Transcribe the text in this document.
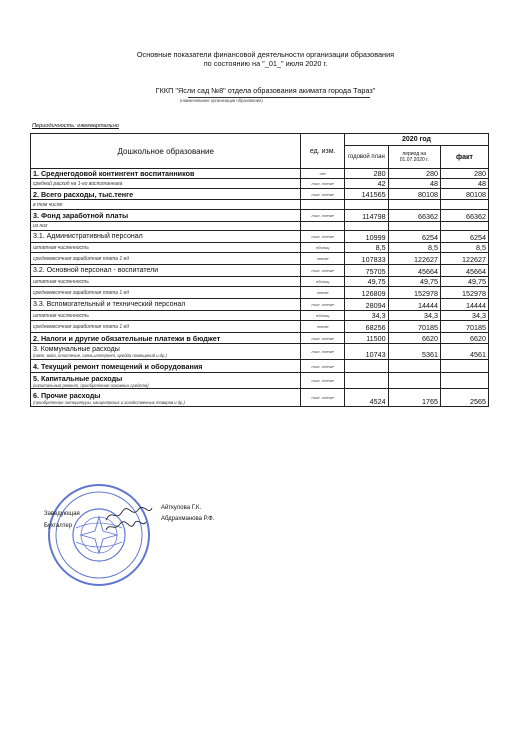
Основные показатели финансовой деятельности организации образования
по состоянию на "_01_" июля 2020 г.
ГККП "Ясли сад №8" отдела образования акимата города Тараз"
(наименование организации образования)
Периодичность: ежеквартально
Дошкольное образование	ед. изм.	2020 год		
		годовой план	период на 01.07.2020 г.	факт

1. Среднегодовой контингент воспитанников	чел	280	280	280

средний расход на 1-го воспитанника	тыс. тенге	42	48	48

2. Всего расходы, тыс.тенге	тыс. тенге	141565	80108	80108

в том числе:				

3. Фонд заработной платы	тыс. тенге	114798	66362	66362

из них				

3.1. Административный персонал	тыс. тенге	10999	6254	6254

штатная численность	единиц	8,5	8,5	8,5

среднемесячная заработная плата 1 ед	тенге	107833	122627	122627

3.2. Основной персонал - воспитатели	тыс. тенге	75705	45664	45664

штатная численность	единиц	49,75	49,75	49,75

среднемесячная заработная плата 1 ед	тенге	126809	152978	152978

3.3. Вспомогательный и технический персонал	тыс. тенге	28094	14444	14444

штатная численность	единиц	34,3	34,3	34,3

среднемесячная заработная плата 1 ед	тенге	68256	70185	70185

2. Налоги и другие обязательные платежи в бюджет	тыс. тенге	11500	6620	6620

3. Коммунальные расходы
(свет, вода, отопление, связь,интернет, аредда помещений и др.)	тыс. тенге	10743	5361	4561

4. Текущий ремонт помещений и оборудования	тыс. тенге			

5. Капитальные расходы
(капитальный ремонт, приобретение основных средств)	тыс. тенге			

6. Прочие расходы
(приобретение литературы, канцелярских и хозяйственных товаров и др.)	тыс. тенге	4524	1765	2565
Заведующая
Бухгалтер
Айткулова Г.К.
Абдрахманова Р.Ф.
